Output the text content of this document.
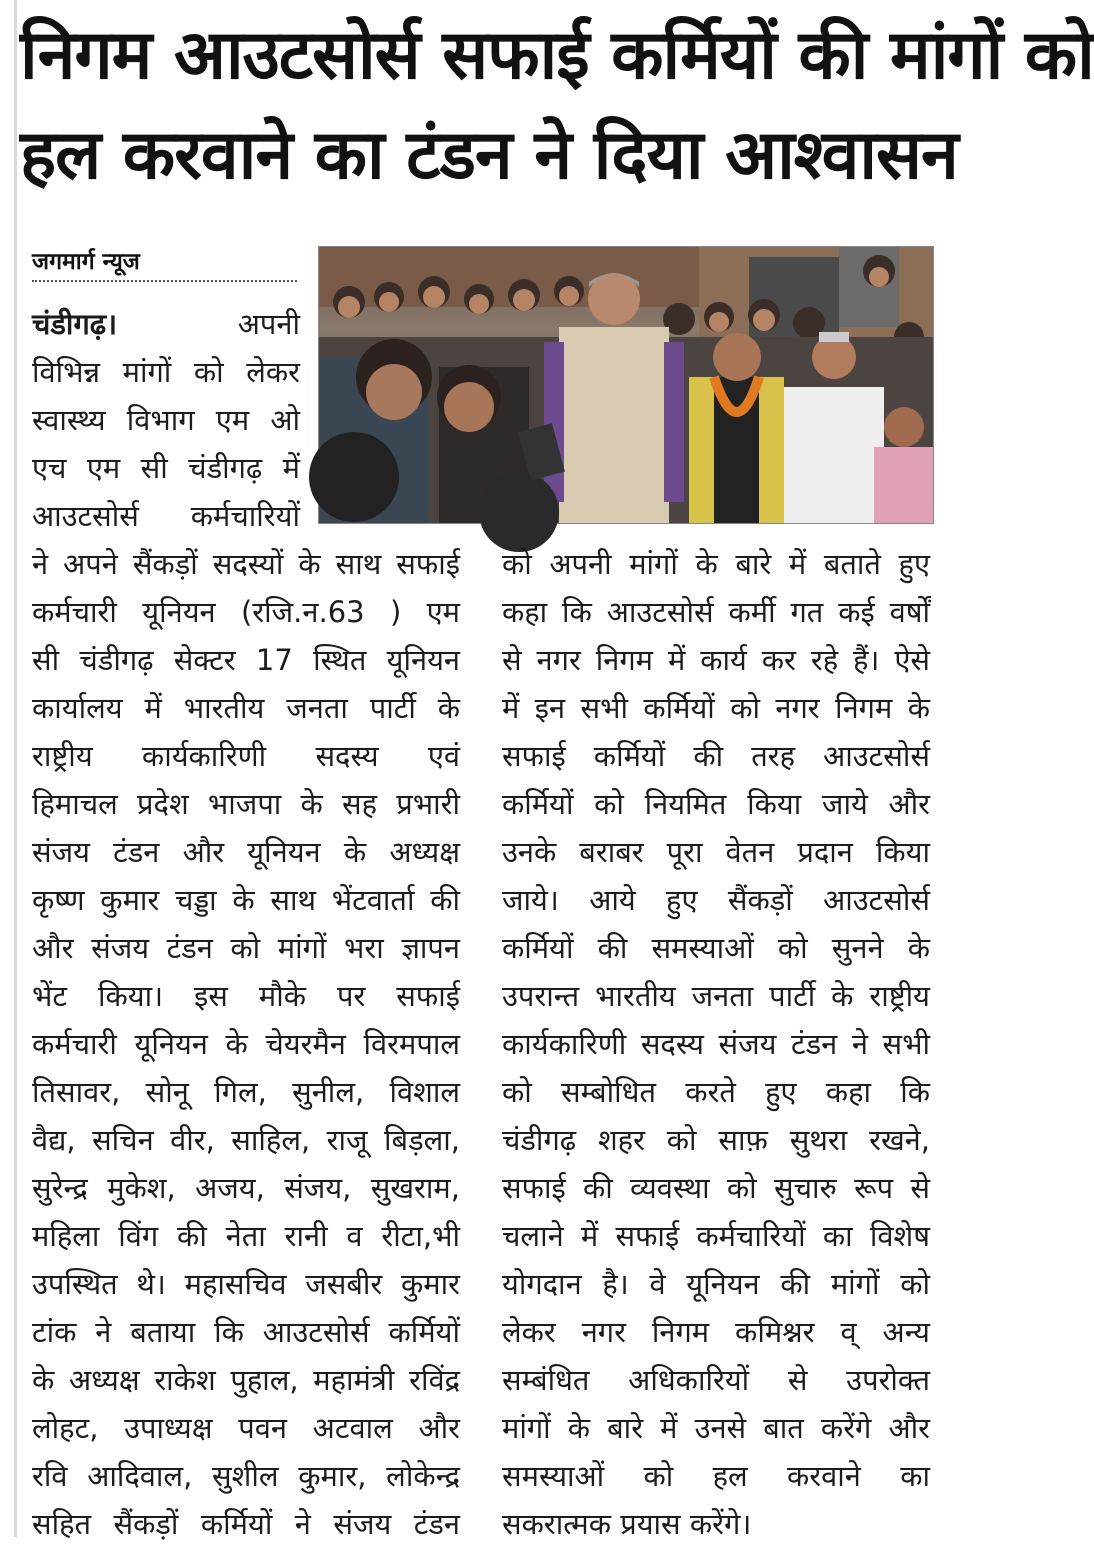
निगम आउटसोर्स सफाई कर्मियों की मांगों को
हल करवाने का टंडन ने दिया आश्वासन
जगमार्ग न्यूज
चंडीगढ़।	अपनी
विभिन्न मांगों को लेकर
स्वास्थ्य विभाग एम ओ
एच एम सी चंडीगढ़ में
आउटसोर्स कर्मचारियों
ने अपने सैंकड़ों सदस्यों के साथ सफाई
कर्मचारी यूनियन (रजि.न.63 ) एम
सी चंडीगढ़ सेक्टर 17 स्थित यूनियन
कार्यालय में भारतीय जनता पार्टी के
राष्ट्रीय कार्यकारिणी सदस्य एवं
हिमाचल प्रदेश भाजपा के सह प्रभारी
संजय टंडन और यूनियन के अध्यक्ष
कृष्ण कुमार चड्डा के साथ भेंटवार्ता की
और संजय टंडन को मांगों भरा ज्ञापन
भेंट किया। इस मौके पर सफाई
कर्मचारी यूनियन के चेयरमैन विरमपाल
तिसावर, सोनू गिल, सुनील, विशाल
वैद्य, सचिन वीर, साहिल, राजू बिड़ला,
सुरेन्द्र मुकेश, अजय, संजय, सुखराम,
महिला विंग की नेता रानी व रीटा,भी
उपस्थित थे। महासचिव जसबीर कुमार
टांक ने बताया कि आउटसोर्स कर्मियों
के अध्यक्ष राकेश पुहाल, महामंत्री रविंद्र
लोहट, उपाध्यक्ष पवन अटवाल और
रवि आदिवाल, सुशील कुमार, लोकेन्द्र
सहित सैंकड़ों कर्मियों ने संजय टंडन
को अपनी मांगों के बारे में बताते हुए
कहा कि आउटसोर्स कर्मी गत कई वर्षों
से नगर निगम में कार्य कर रहे हैं। ऐसे
में इन सभी कर्मियों को नगर निगम के
सफाई कर्मियों की तरह आउटसोर्स
कर्मियों को नियमित किया जाये और
उनके बराबर पूरा वेतन प्रदान किया
जाये। आये हुए सैंकड़ों आउटसोर्स
कर्मियों की समस्याओं को सुनने के
उपरान्त भारतीय जनता पार्टी के राष्ट्रीय
कार्यकारिणी सदस्य संजय टंडन ने सभी
को सम्बोधित करते हुए कहा कि
चंडीगढ़ शहर को साफ़ सुथरा रखने,
सफाई की व्यवस्था को सुचारु रूप से
चलाने में सफाई कर्मचारियों का विशेष
योगदान है। वे यूनियन की मांगों को
लेकर नगर निगम कमिश्नर व् अन्य
सम्बंधित अधिकारियों से उपरोक्त
मांगों के बारे में उनसे बात करेंगे और
समस्याओं को हल करवाने का
सकरात्मक प्रयास करेंगे।
